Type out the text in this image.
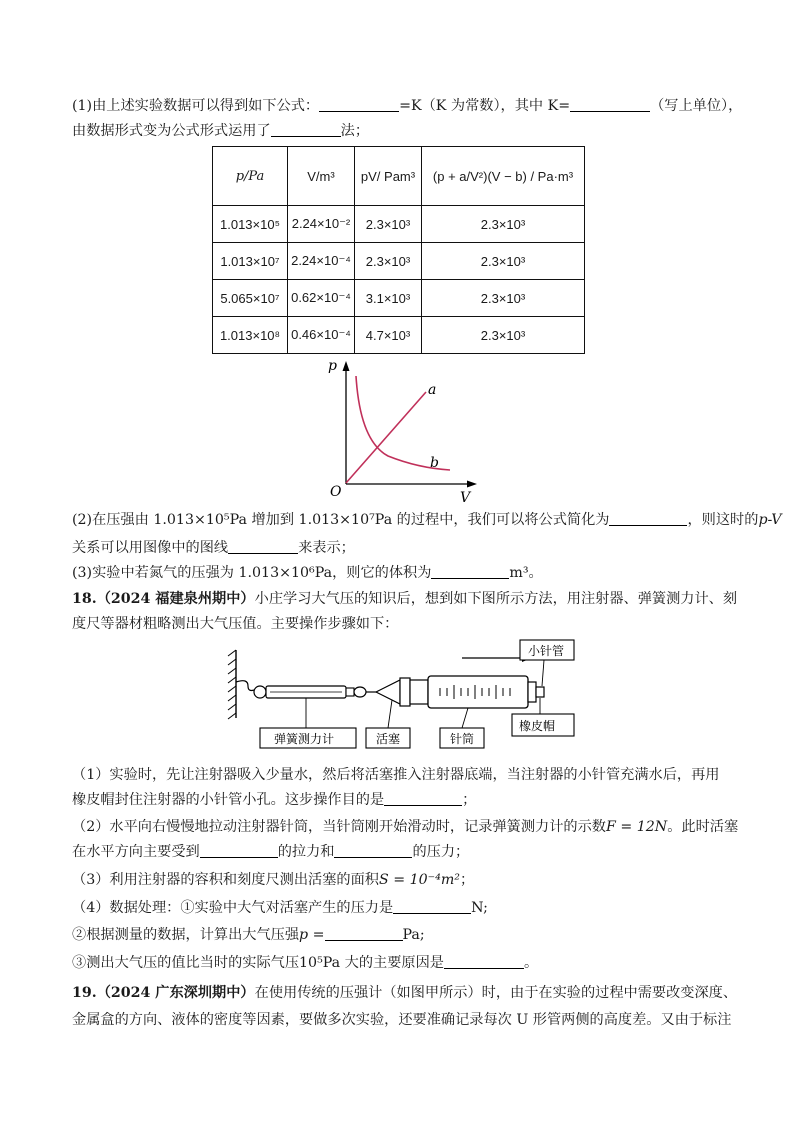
(1)由上述实验数据可以得到如下公式：	=K（K 为常数），其中 K=	（写上单位），
由数据形式变为公式形式运用了	法；
p/Pa	V/m³	pV/ Pam³	(p + a/V²)(V − b) / Pa·m³
1.013×10⁵	2.24×10⁻²	2.3×10³	2.3×10³
1.013×10⁷	2.24×10⁻⁴	2.3×10³	2.3×10³
5.065×10⁷	0.62×10⁻⁴	3.1×10³	2.3×10³
1.013×10⁸	0.46×10⁻⁴	4.7×10³	2.3×10³
p
V
O
a
b
(2)在压强由 1.013×10⁵Pa 增加到 1.013×10⁷Pa 的过程中，我们可以将公式简化为	，则这时的p-V
关系可以用图像中的图线	来表示；
(3)实验中若氮气的压强为 1.013×10⁶Pa，则它的体积为	m³。
18.（2024 福建泉州期中）小庄学习大气压的知识后，想到如下图所示方法，用注射器、弹簧测力计、刻
度尺等器材粗略测出大气压值。主要操作步骤如下：
小针管
橡皮帽
弹簧测力计	活塞	针筒
（1）实验时，先让注射器吸入少量水，然后将活塞推入注射器底端，当注射器的小针管充满水后，再用
橡皮帽封住注射器的小针管小孔。这步操作目的是	；
（2）水平向右慢慢地拉动注射器针筒，当针筒刚开始滑动时，记录弹簧测力计的示数F = 12N。此时活塞
在水平方向主要受到	的拉力和	的压力；
（3）利用注射器的容积和刻度尺测出活塞的面积S = 10⁻⁴m²；
（4）数据处理：①实验中大气对活塞产生的压力是	N;
②根据测量的数据，计算出大气压强p =	Pa;
③测出大气压的值比当时的实际气压10⁵Pa 大的主要原因是	。
19.（2024 广东深圳期中）在使用传统的压强计（如图甲所示）时，由于在实验的过程中需要改变深度、
金属盒的方向、液体的密度等因素，要做多次实验，还要准确记录每次 U 形管两侧的高度差。又由于标注
